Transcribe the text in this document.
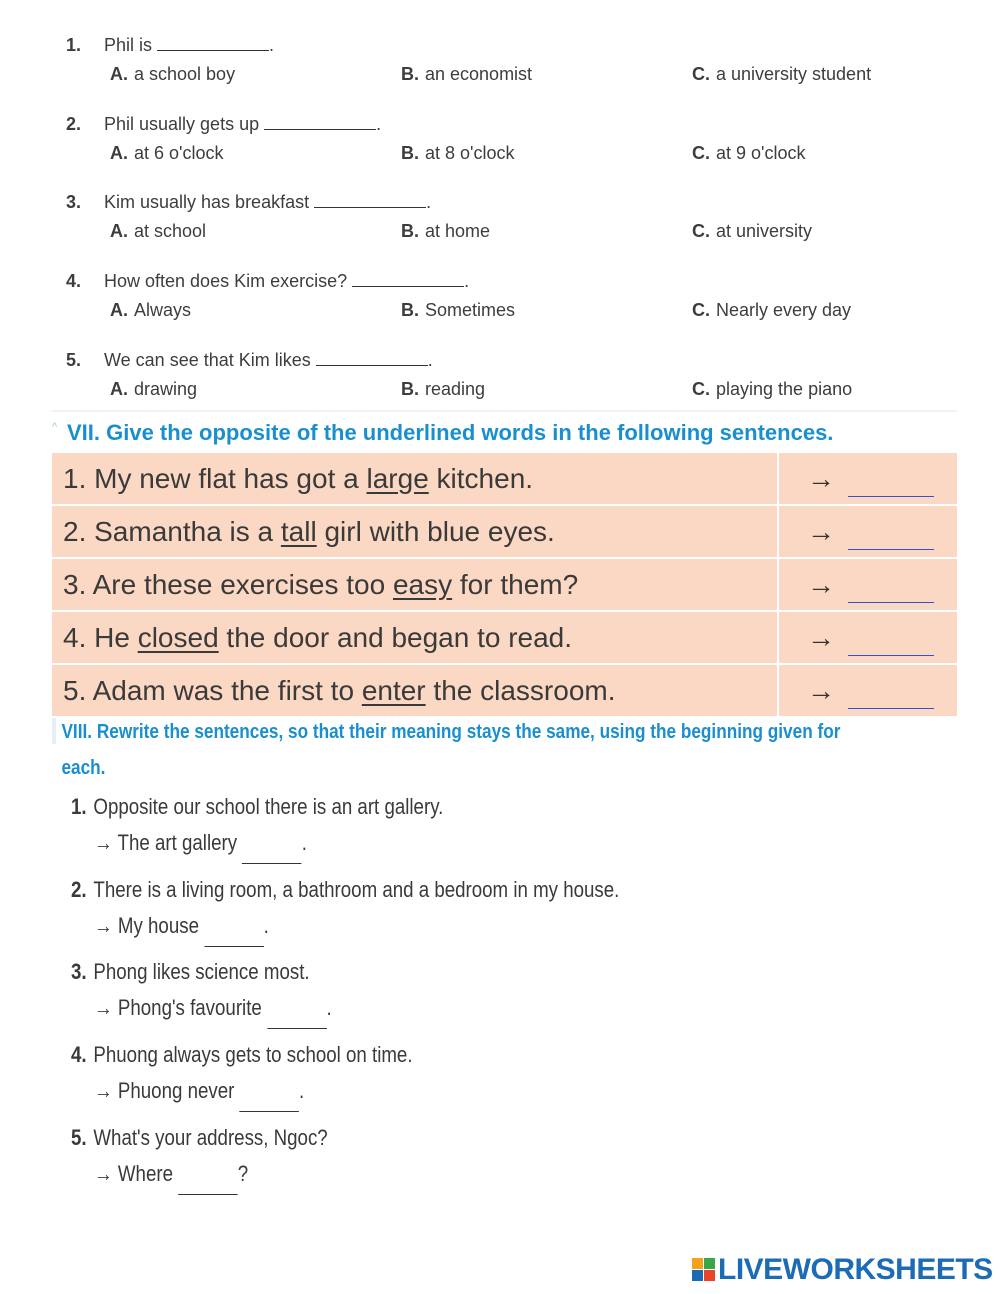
1. Phil is	.
A. a school boy	B. an economist	C. a university student
2. Phil usually gets up	.
A. at 6 o'clock	B. at 8 o'clock	C. at 9 o'clock
3. Kim usually has breakfast	.
A. at school	B. at home	C. at university
4. How often does Kim exercise?	.
A. Always	B. Sometimes	C. Nearly every day
5. We can see that Kim likes	.
A. drawing	B. reading	C. playing the piano
^ VII. Give the opposite of the underlined words in the following sentences.
1. My new flat has got a large kitchen.	→
2. Samantha is a tall girl with blue eyes.	→
3. Are these exercises too easy for them?	→
4. He closed the door and began to read.	→
5. Adam was the first to enter the classroom.	→
VIII. Rewrite the sentences, so that their meaning stays the same, using the beginning given for
each.
1. Opposite our school there is an art gallery.
→ The art gallery	.
2. There is a living room, a bathroom and a bedroom in my house.
→ My house	.
3. Phong likes science most.
→ Phong's favourite	.
4. Phuong always gets to school on time.
→ Phuong never	.
5. What's your address, Ngoc?
→ Where	?
LIVEWORKSHEETS
